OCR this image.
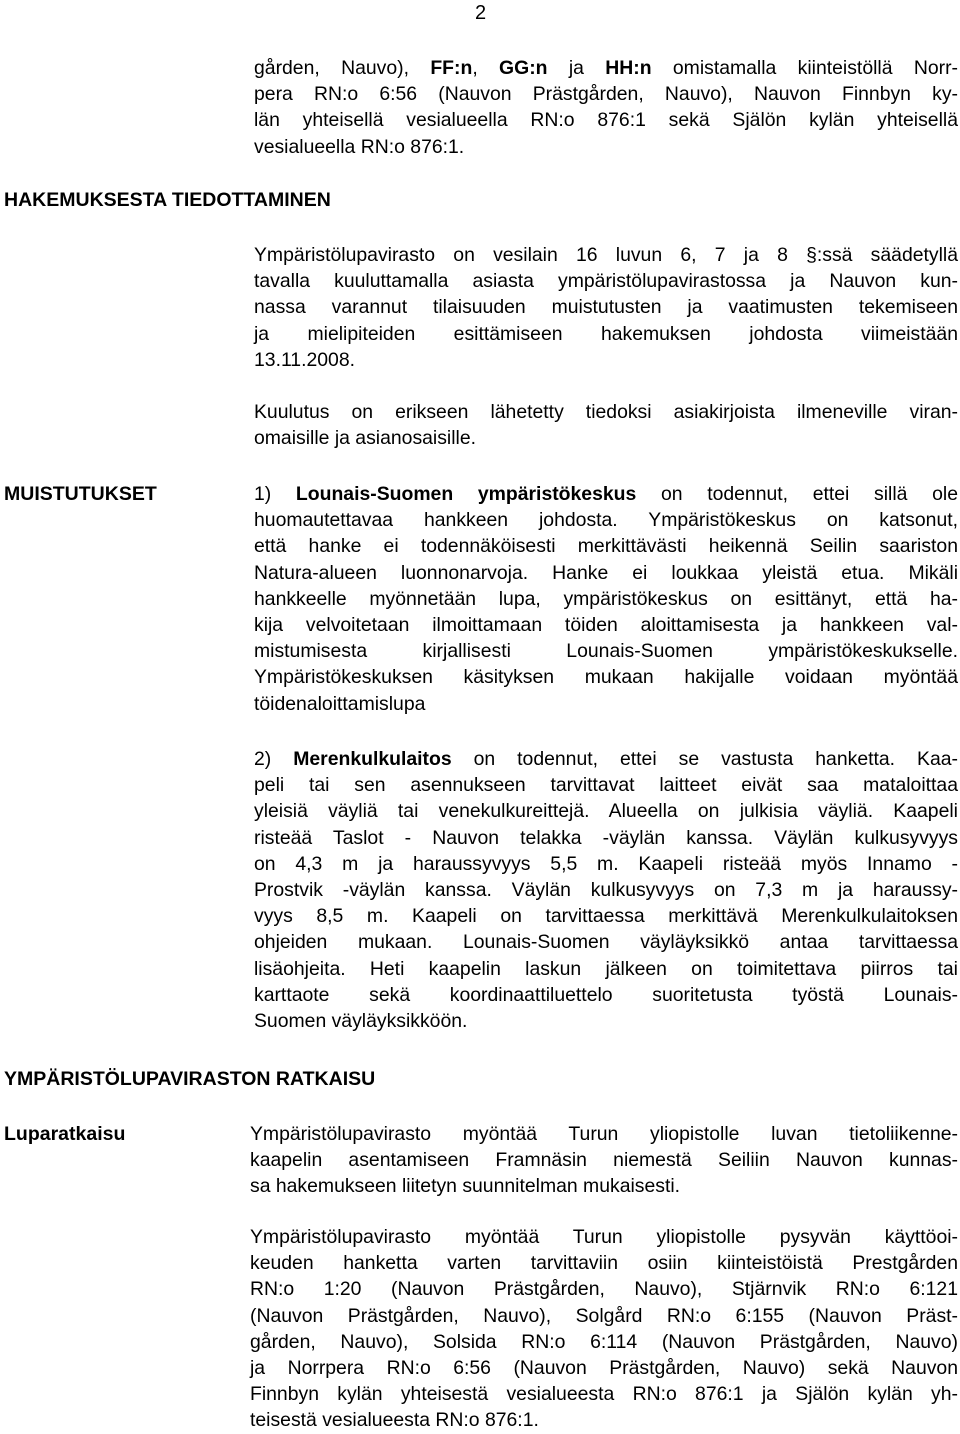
2
gården, Nauvo), FF:n, GG:n ja HH:n omistamalla kiinteistöllä Norr-
pera RN:o 6:56 (Nauvon Prästgården, Nauvo), Nauvon Finnbyn ky-
län yhteisellä vesialueella RN:o 876:1 sekä Själön kylän yhteisellä
vesialueella RN:o 876:1.
HAKEMUKSESTA TIEDOTTAMINEN
Ympäristölupavirasto on vesilain 16 luvun 6, 7 ja 8 §:ssä säädetyllä
tavalla kuuluttamalla asiasta ympäristölupavirastossa ja Nauvon kun-
nassa varannut tilaisuuden muistutusten ja vaatimusten tekemiseen
ja mielipiteiden esittämiseen hakemuksen johdosta viimeistään
13.11.2008.
Kuulutus on erikseen lähetetty tiedoksi asiakirjoista ilmeneville viran-
omaisille ja asianosaisille.
MUISTUTUKSET	1) Lounais-Suomen ympäristökeskus on todennut, ettei sillä ole
huomautettavaa hankkeen johdosta. Ympäristökeskus on katsonut,
että hanke ei todennäköisesti merkittävästi heikennä Seilin saariston
Natura-alueen luonnonarvoja. Hanke ei loukkaa yleistä etua. Mikäli
hankkeelle myönnetään lupa, ympäristökeskus on esittänyt, että ha-
kija velvoitetaan ilmoittamaan töiden aloittamisesta ja hankkeen val-
mistumisesta kirjallisesti Lounais-Suomen ympäristökeskukselle.
Ympäristökeskuksen käsityksen mukaan hakijalle voidaan myöntää
töidenaloittamislupa
2) Merenkulkulaitos on todennut, ettei se vastusta hanketta. Kaa-
peli tai sen asennukseen tarvittavat laitteet eivät saa mataloittaa
yleisiä väyliä tai venekulkureittejä. Alueella on julkisia väyliä. Kaapeli
risteää Taslot - Nauvon telakka -väylän kanssa. Väylän kulkusyvyys
on 4,3 m ja haraussyvyys 5,5 m. Kaapeli risteää myös Innamo -
Prostvik -väylän kanssa. Väylän kulkusyvyys on 7,3 m ja haraussy-
vyys 8,5 m. Kaapeli on tarvittaessa merkittävä Merenkulkulaitoksen
ohjeiden mukaan. Lounais-Suomen väyläyksikkö antaa tarvittaessa
lisäohjeita. Heti kaapelin laskun jälkeen on toimitettava piirros tai
karttaote sekä koordinaattiluettelo suoritetusta työstä Lounais-
Suomen väyläyksikköön.
YMPÄRISTÖLUPAVIRASTON RATKAISU
Luparatkaisu	Ympäristölupavirasto myöntää Turun yliopistolle luvan tietoliikenne-
kaapelin asentamiseen Framnäsin niemestä Seiliin Nauvon kunnas-
sa hakemukseen liitetyn suunnitelman mukaisesti.
Ympäristölupavirasto myöntää Turun yliopistolle pysyvän käyttöoi-
keuden hanketta varten tarvittaviin osiin kiinteistöistä Prestgården
RN:o 1:20 (Nauvon Prästgården, Nauvo), Stjärnvik RN:o 6:121
(Nauvon Prästgården, Nauvo), Solgård RN:o 6:155 (Nauvon Präst-
gården, Nauvo), Solsida RN:o 6:114 (Nauvon Prästgården, Nauvo)
ja Norrpera RN:o 6:56 (Nauvon Prästgården, Nauvo) sekä Nauvon
Finnbyn kylän yhteisestä vesialueesta RN:o 876:1 ja Själön kylän yh-
teisestä vesialueesta RN:o 876:1.
